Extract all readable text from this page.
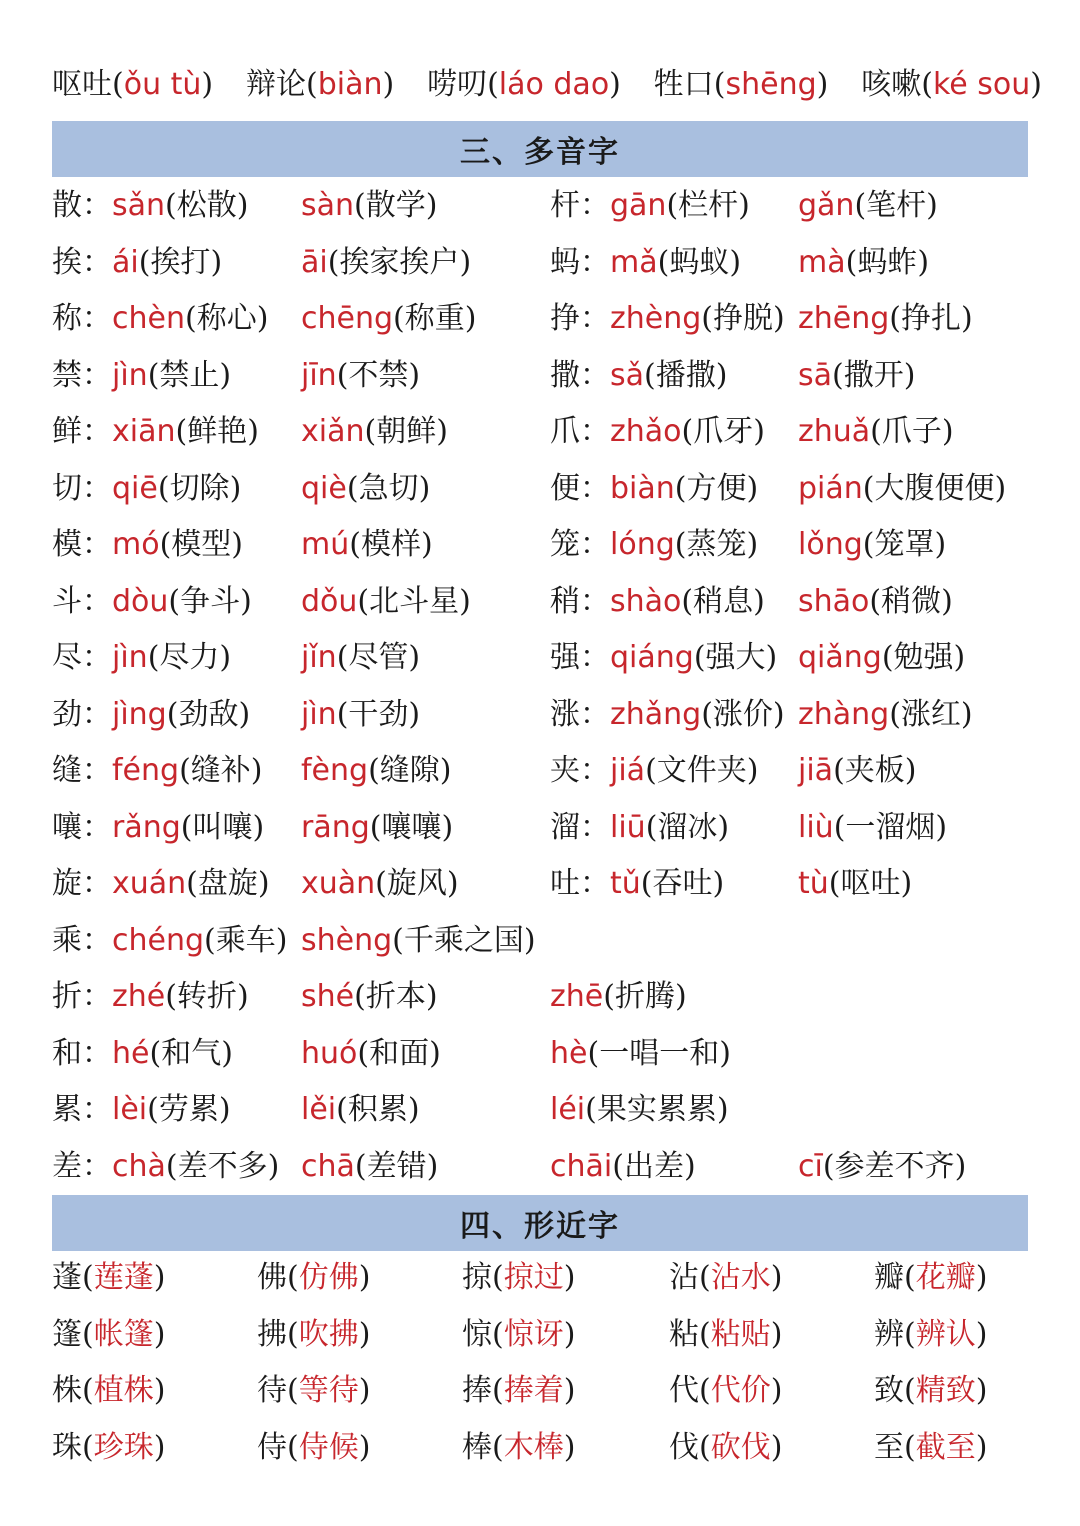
呕吐(ǒu tù) 辩论(biàn) 唠叨(láo dao) 牲口(shēng) 咳嗽(ké sou)
三、多音字
散：sǎn(松散) sàn(散学)	杆：gān(栏杆) gǎn(笔杆)
挨：ái(挨打)	āi(挨家挨户)	蚂：mǎ(蚂蚁) mà(蚂蚱)
称：chèn(称心) chēng(称重) 挣：zhèng(挣脱) zhēng(挣扎)
禁：jìn(禁止) jīn(不禁)	撒：sǎ(播撒) sā(撒开)
鲜：xiān(鲜艳) xiǎn(朝鲜)	爪：zhǎo(爪牙) zhuǎ(爪子)
切：qiē(切除) qiè(急切)	便：biàn(方便) pián(大腹便便)
模：mó(模型) mú(模样)	笼：lóng(蒸笼) lǒng(笼罩)
斗：dòu(争斗) dǒu(北斗星)	稍：shào(稍息) shāo(稍微)
尽：jìn(尽力) jǐn(尽管)	强：qiáng(强大) qiǎng(勉强)
劲：jìng(劲敌) jìn(干劲)	涨：zhǎng(涨价) zhàng(涨红)
缝：féng(缝补) fèng(缝隙)	夹：jiá(文件夹) jiā(夹板)
嚷：rǎng(叫嚷) rāng(嚷嚷)	溜：liū(溜冰) liù(一溜烟)
旋：xuán(盘旋) xuàn(旋风)	吐：tǔ(吞吐) tù(呕吐)
乘：chéng(乘车) shèng(千乘之国)
折：zhé(转折) shé(折本)	zhē(折腾)
和：hé(和气) huó(和面)	hè(一唱一和)
累：lèi(劳累) lěi(积累)	léi(果实累累)
差：chà(差不多) chā(差错)	chāi(出差)	cī(参差不齐)
四、形近字
蓬(莲蓬)	佛(仿佛)	掠(掠过)	沾(沾水)	瓣(花瓣)
篷(帐篷)	拂(吹拂)	惊(惊讶)	粘(粘贴)	辨(辨认)
株(植株)	待(等待)	捧(捧着)	代(代价)	致(精致)
珠(珍珠)	侍(侍候)	棒(木棒)	伐(砍伐)	至(截至)
